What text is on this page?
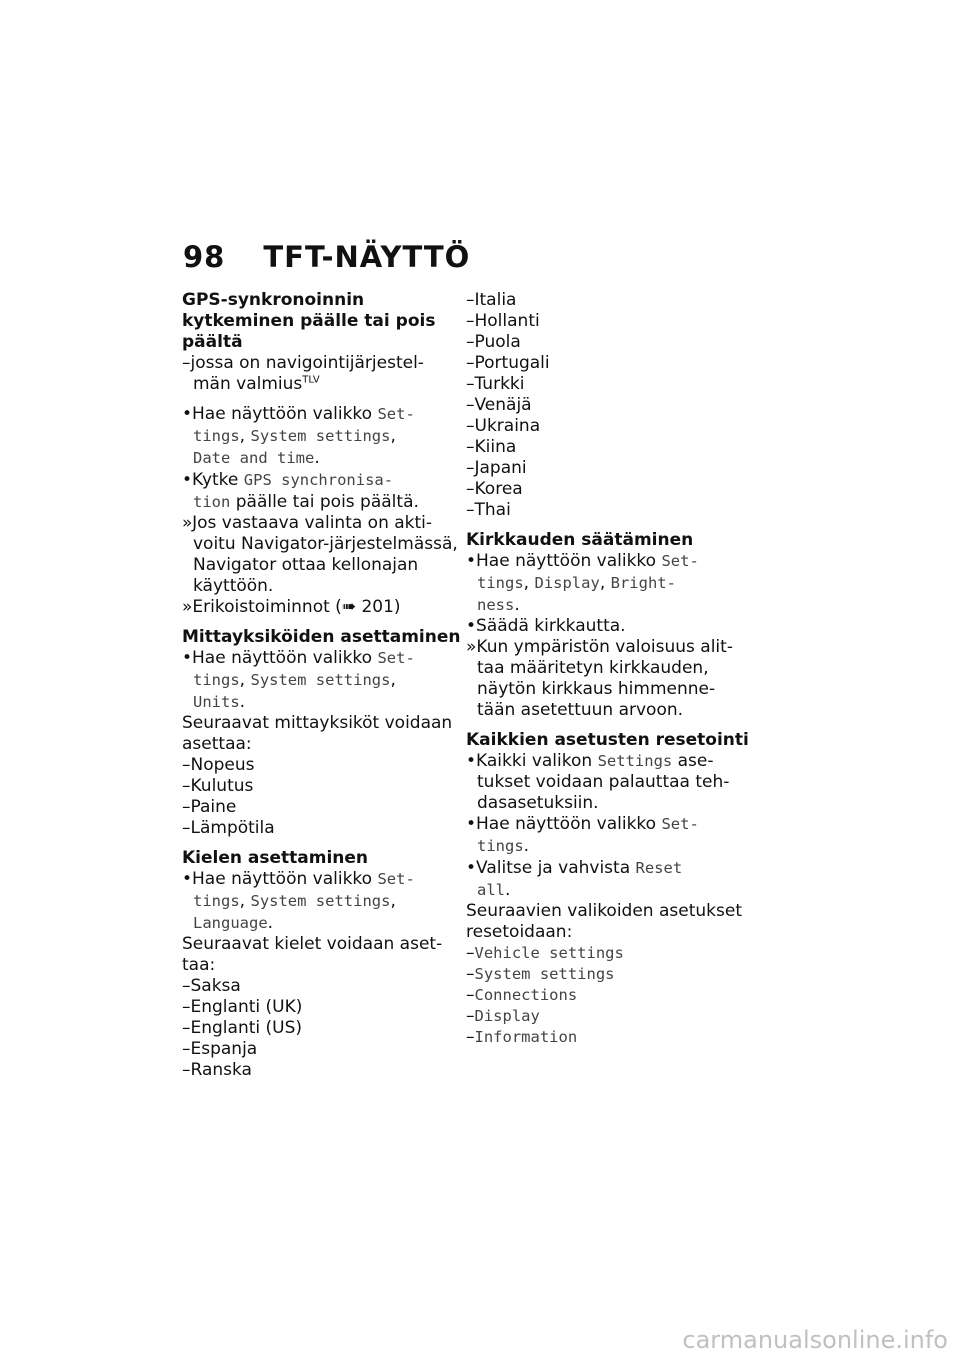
98 TFT-NÄYTTÖ
GPS-synkronoinnin
kytkeminen päälle tai pois
päältä
–jossa on navigointijärjestel-
män valmius$^{TLV}$
•Hae näyttöön valikko Set-
tings, System settings,
Date and time.
•Kytke GPS synchronisa-
tion päälle tai pois päältä.
»Jos vastaava valinta on akti-
voitu Navigator-järjestelmässä,
Navigator ottaa kellonajan
käyttöön.
»Erikoistoiminnot (➠ 201)
Mittayksiköiden asettaminen
•Hae näyttöön valikko Set-
tings, System settings,
Units.
Seuraavat mittayksiköt voidaan
asettaa:
–Nopeus
–Kulutus
–Paine
–Lämpötila
Kielen asettaminen
•Hae näyttöön valikko Set-
tings, System settings,
Language.
Seuraavat kielet voidaan aset-
taa:
–Saksa
–Englanti (UK)
–Englanti (US)
–Espanja
–Ranska
–Italia
–Hollanti
–Puola
–Portugali
–Turkki
–Venäjä
–Ukraina
–Kiina
–Japani
–Korea
–Thai
Kirkkauden säätäminen
•Hae näyttöön valikko Set-
tings, Display, Bright-
ness.
•Säädä kirkkautta.
»Kun ympäristön valoisuus alit-
taa määritetyn kirkkauden,
näytön kirkkaus himmenne-
tään asetettuun arvoon.
Kaikkien asetusten resetointi
•Kaikki valikon Settings ase-
tukset voidaan palauttaa teh-
dasasetuksiin.
•Hae näyttöön valikko Set-
tings.
•Valitse ja vahvista Reset
all.
Seuraavien valikoiden asetukset
resetoidaan:
–Vehicle settings
–System settings
–Connections
–Display
–Information
carmanualsonline.info
